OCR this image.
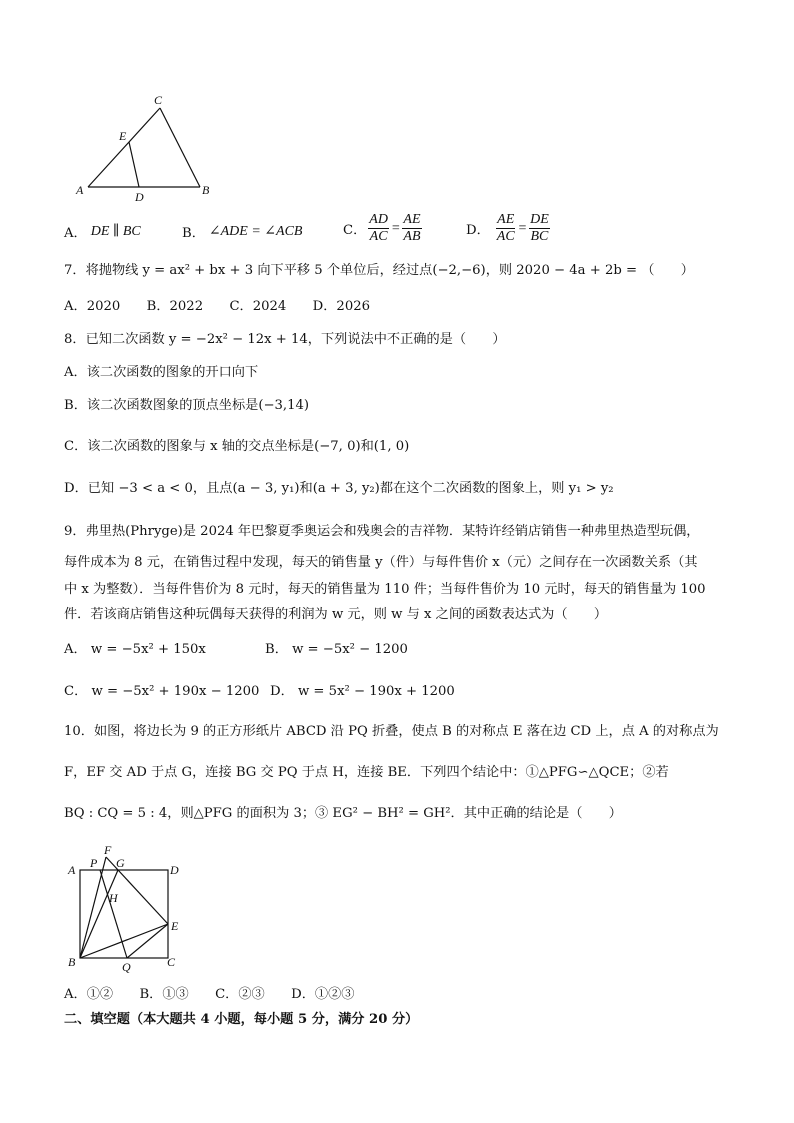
C
E
A	D	B
A． DE ∥ BC	B． ∠ADE = ∠ACB	C． $\frac{AD}{AC} = \frac{AE}{AB}$	D． $\frac{AE}{AC} = \frac{DE}{BC}$
7．将抛物线 y = ax² + bx + 3 向下平移 5 个单位后，经过点(−2,−6)，则 2020 − 4a + 2b = （　　）
A．2020　　B．2022　　C．2024　　D．2026
8．已知二次函数 y = −2x² − 12x + 14，下列说法中不正确的是（　　）
A．该二次函数的图象的开口向下
B．该二次函数图象的顶点坐标是(−3,14)
C．该二次函数的图象与 x 轴的交点坐标是(−7, 0)和(1, 0)
D．已知 −3 < a < 0，且点(a − 3, y₁)和(a + 3, y₂)都在这个二次函数的图象上，则 y₁ > y₂
9．弗里热(Phryge)是 2024 年巴黎夏季奥运会和残奥会的吉祥物．某特许经销店销售一种弗里热造型玩偶，
每件成本为 8 元，在销售过程中发现，每天的销售量 y（件）与每件售价 x（元）之间存在一次函数关系（其
中 x 为整数）．当每件售价为 8 元时，每天的销售量为 110 件；当每件售价为 10 元时，每天的销售量为 100
件．若该商店销售这种玩偶每天获得的利润为 w 元，则 w 与 x 之间的函数表达式为（　　）
A． w = −5x² + 150x	B． w = −5x² − 1200
C． w = −5x² + 190x − 1200 D． w = 5x² − 190x + 1200
10．如图，将边长为 9 的正方形纸片 ABCD 沿 PQ 折叠，使点 B 的对称点 E 落在边 CD 上，点 A 的对称点为
F，EF 交 AD 于点 G，连接 BG 交 PQ 于点 H，连接 BE．下列四个结论中：①△PFG∽△QCE；②若
BQ : CQ = 5 : 4，则△PFG 的面积为 3；③ EG² − BH² = GH²．其中正确的结论是（　　）
A P
F
G	D
H
E
B	Q	C
A．①②　　B．①③　　C．②③　　D．①②③
二、填空题（本大题共 4 小题，每小题 5 分，满分 20 分）
